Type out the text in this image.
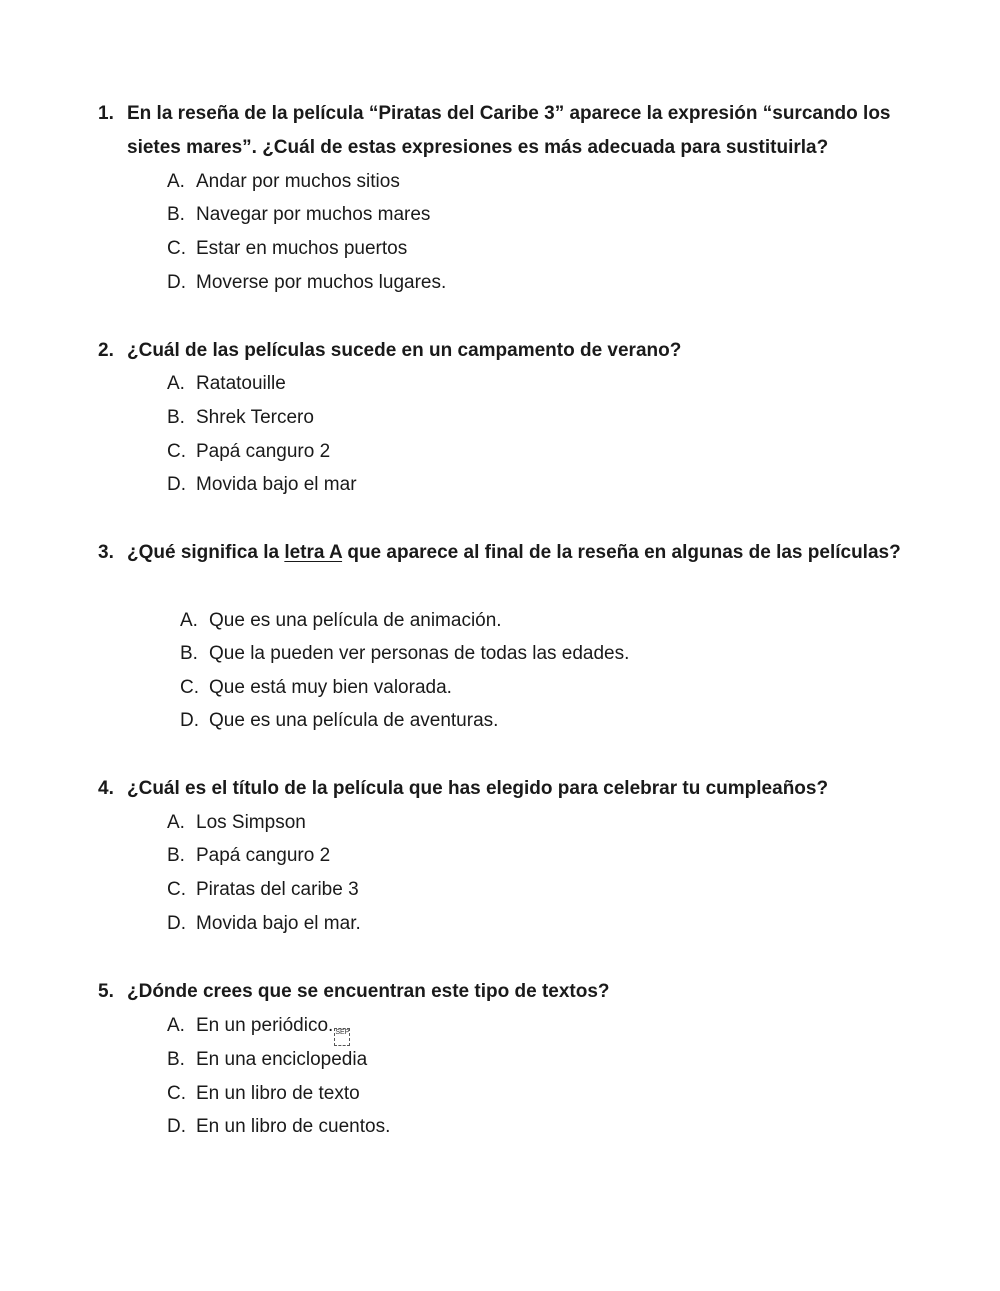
1. En la reseña de la película “Piratas del Caribe 3” aparece la expresión “surcando los
sietes mares”. ¿Cuál de estas expresiones es más adecuada para sustituirla?
A. Andar por muchos sitios
B. Navegar por muchos mares
C. Estar en muchos puertos
D. Moverse por muchos lugares.
2. ¿Cuál de las películas sucede en un campamento de verano?
A. Ratatouille
B. Shrek Tercero
C. Papá canguro 2
D. Movida bajo el mar
3. ¿Qué significa la letra A que aparece al final de la reseña en algunas de las películas?
A. Que es una película de animación.
B. Que la pueden ver personas de todas las edades.
C. Que está muy bien valorada.
D. Que es una película de aventuras.
4. ¿Cuál es el título de la película que has elegido para celebrar tu cumpleaños?
A. Los Simpson
B. Papá canguro 2
C. Piratas del caribe 3
D. Movida bajo el mar.
5. ¿Dónde crees que se encuentran este tipo de textos?
A. En un periódico. SEP
B. En una enciclopedia
C. En un libro de texto
D. En un libro de cuentos.
